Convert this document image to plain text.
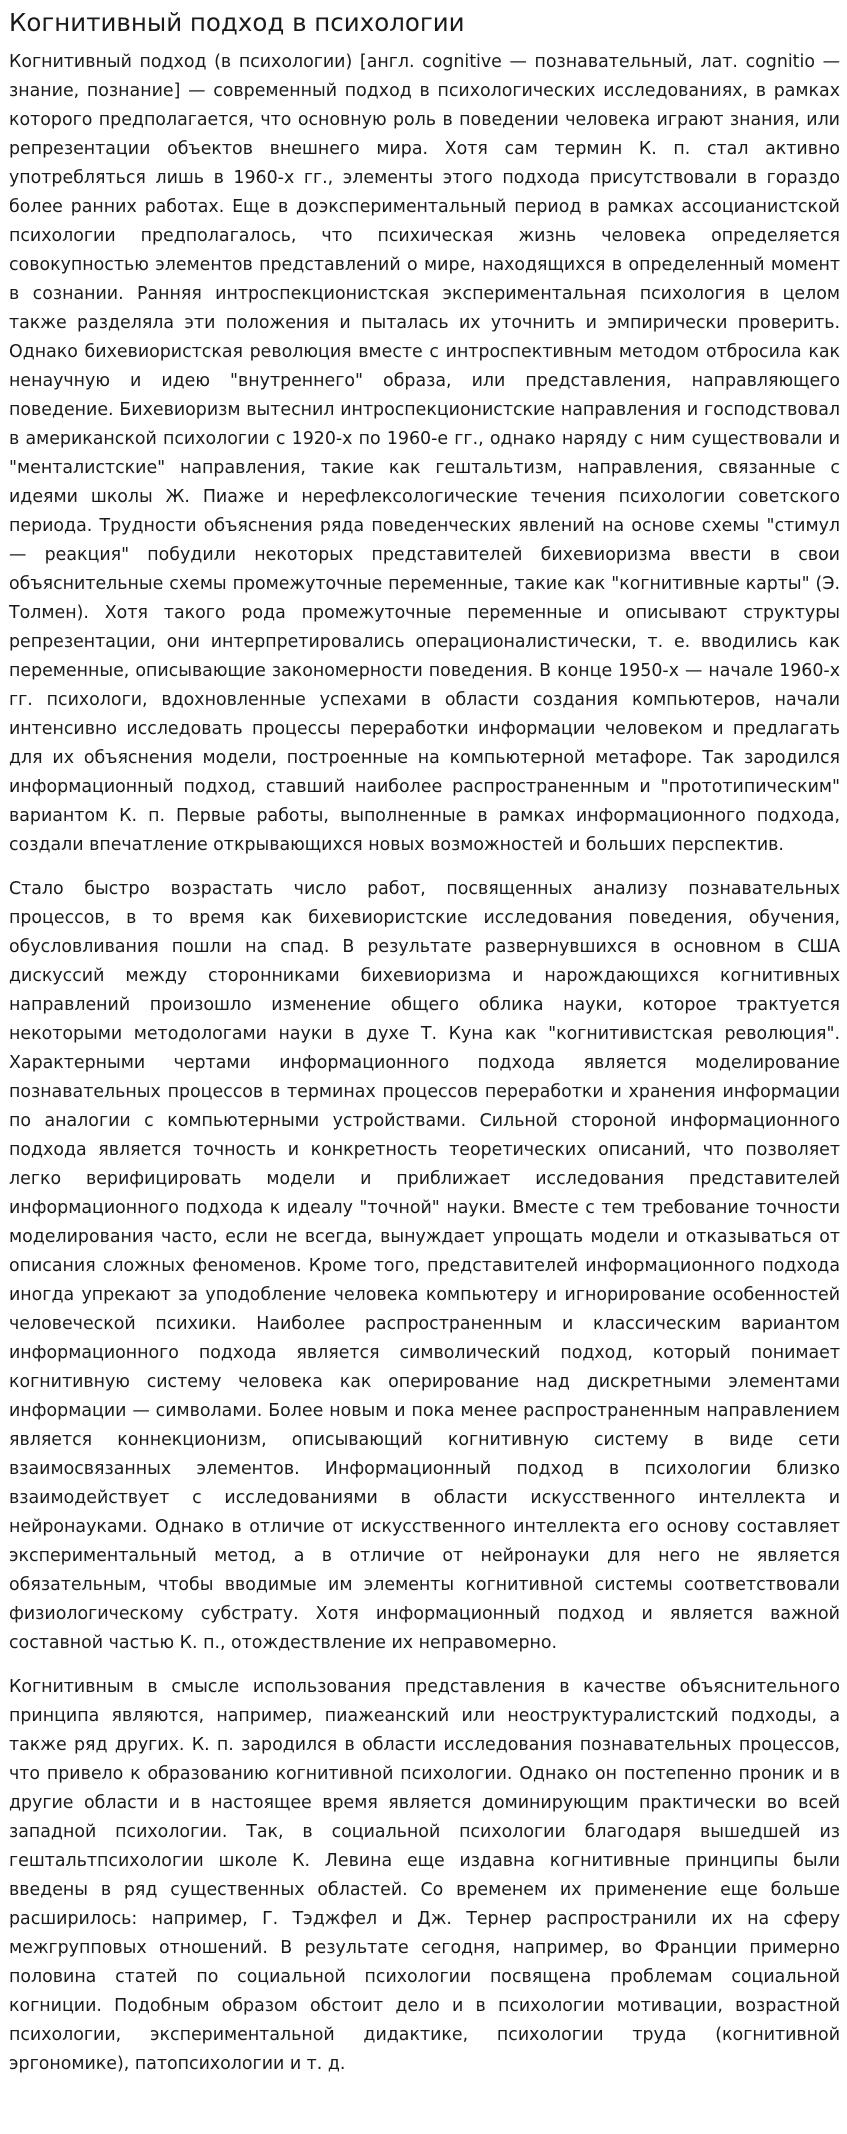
Когнитивный подход в психологии

Когнитивный подход (в психологии) [англ. cognitive — познавательный, лат. cognitio — знание, познание] — современный подход в психологических исследованиях, в рамках которого предполагается, что основную роль в поведении человека играют знания, или репрезентации объектов внешнего мира. Хотя сам термин К. п. стал активно употребляться лишь в 1960-х гг., элементы этого подхода присутствовали в гораздо более ранних работах. Еще в доэкспериментальный период в рамках ассоцианистской психологии предполагалось, что психическая жизнь человека определяется совокупностью элементов представлений о мире, находящихся в определенный момент в сознании. Ранняя интроспекционистская экспериментальная психология в целом также разделяла эти положения и пыталась их уточнить и эмпирически проверить. Однако бихевиористская революция вместе с интроспективным методом отбросила как ненаучную и идею "внутреннего" образа, или представления, направляющего поведение. Бихевиоризм вытеснил интроспекционистские направления и господствовал в американской психологии с 1920-х по 1960-е гг., однако наряду с ним существовали и "менталистские" направления, такие как гештальтизм, направления, связанные с идеями школы Ж. Пиаже и нерефлексологические течения психологии советского периода. Трудности объяснения ряда поведенческих явлений на основе схемы "стимул— реакция" побудили некоторых представителей бихевиоризма ввести в свои объяснительные схемы промежуточные переменные, такие как "когнитивные карты" (Э. Толмен). Хотя такого рода промежуточные переменные и описывают структуры репрезентации, они интерпретировались операционалистически, т. е. вводились как переменные, описывающие закономерности поведения. В конце 1950-х — начале 1960-х гг. психологи, вдохновленные успехами в области создания компьютеров, начали интенсивно исследовать процессы переработки информации человеком и предлагать для их объяснения модели, построенные на компьютерной метафоре. Так зародился информационный подход, ставший наиболее распространенным и "прототипическим" вариантом К. п. Первые работы, выполненные в рамках информационного подхода, создали впечатление открывающихся новых возможностей и больших перспектив.

Стало быстро возрастать число работ, посвященных анализу познавательных процессов, в то время как бихевиористские исследования поведения, обучения, обусловливания пошли на спад. В результате развернувшихся в основном в США дискуссий между сторонниками бихевиоризма и нарождающихся когнитивных направлений произошло изменение общего облика науки, которое трактуется некоторыми методологами науки в духе Т. Куна как "когнитивистская революция". Характерными чертами информационного подхода является моделирование познавательных процессов в терминах процессов переработки и хранения информации по аналогии с компьютерными устройствами. Сильной стороной информационного подхода является точность и конкретность теоретических описаний, что позволяет легко верифицировать модели и приближает исследования представителей информационного подхода к идеалу "точной" науки. Вместе с тем требование точности моделирования часто, если не всегда, вынуждает упрощать модели и отказываться от описания сложных феноменов. Кроме того, представителей информационного подхода иногда упрекают за уподобление человека компьютеру и игнорирование особенностей человеческой психики. Наиболее распространенным и классическим вариантом информационного подхода является символический подход, который понимает когнитивную систему человека как оперирование над дискретными элементами информации — символами. Более новым и пока менее распространенным направлением является коннекционизм, описывающий когнитивную систему в виде сети взаимосвязанных элементов. Информационный подход в психологии близко взаимодействует с исследованиями в области искусственного интеллекта и нейронауками. Однако в отличие от искусственного интеллекта его основу составляет экспериментальный метод, а в отличие от нейронауки для него не является обязательным, чтобы вводимые им элементы когнитивной системы соответствовали физиологическому субстрату. Хотя информационный подход и является важной составной частью К. п., отождествление их неправомерно.

Когнитивным в смысле использования представления в качестве объяснительного принципа являются, например, пиажеанский или неоструктуралистский подходы, а также ряд других. К. п. зародился в области исследования познавательных процессов, что привело к образованию когнитивной психологии. Однако он постепенно проник и в другие области и в настоящее время является доминирующим практически во всей западной психологии. Так, в социальной психологии благодаря вышедшей из гештальтпсихологии школе К. Левина еще издавна когнитивные принципы были введены в ряд существенных областей. Со временем их применение еще больше расширилось: например, Г. Тэджфел и Дж. Тернер распространили их на сферу межгрупповых отношений. В результате сегодня, например, во Франции примерно половина статей по социальной психологии посвящена проблемам социальной когниции. Подобным образом обстоит дело и в психологии мотивации, возрастной психологии, экспериментальной дидактике, психологии труда (когнитивной эргономике), патопсихологии и т. д.
